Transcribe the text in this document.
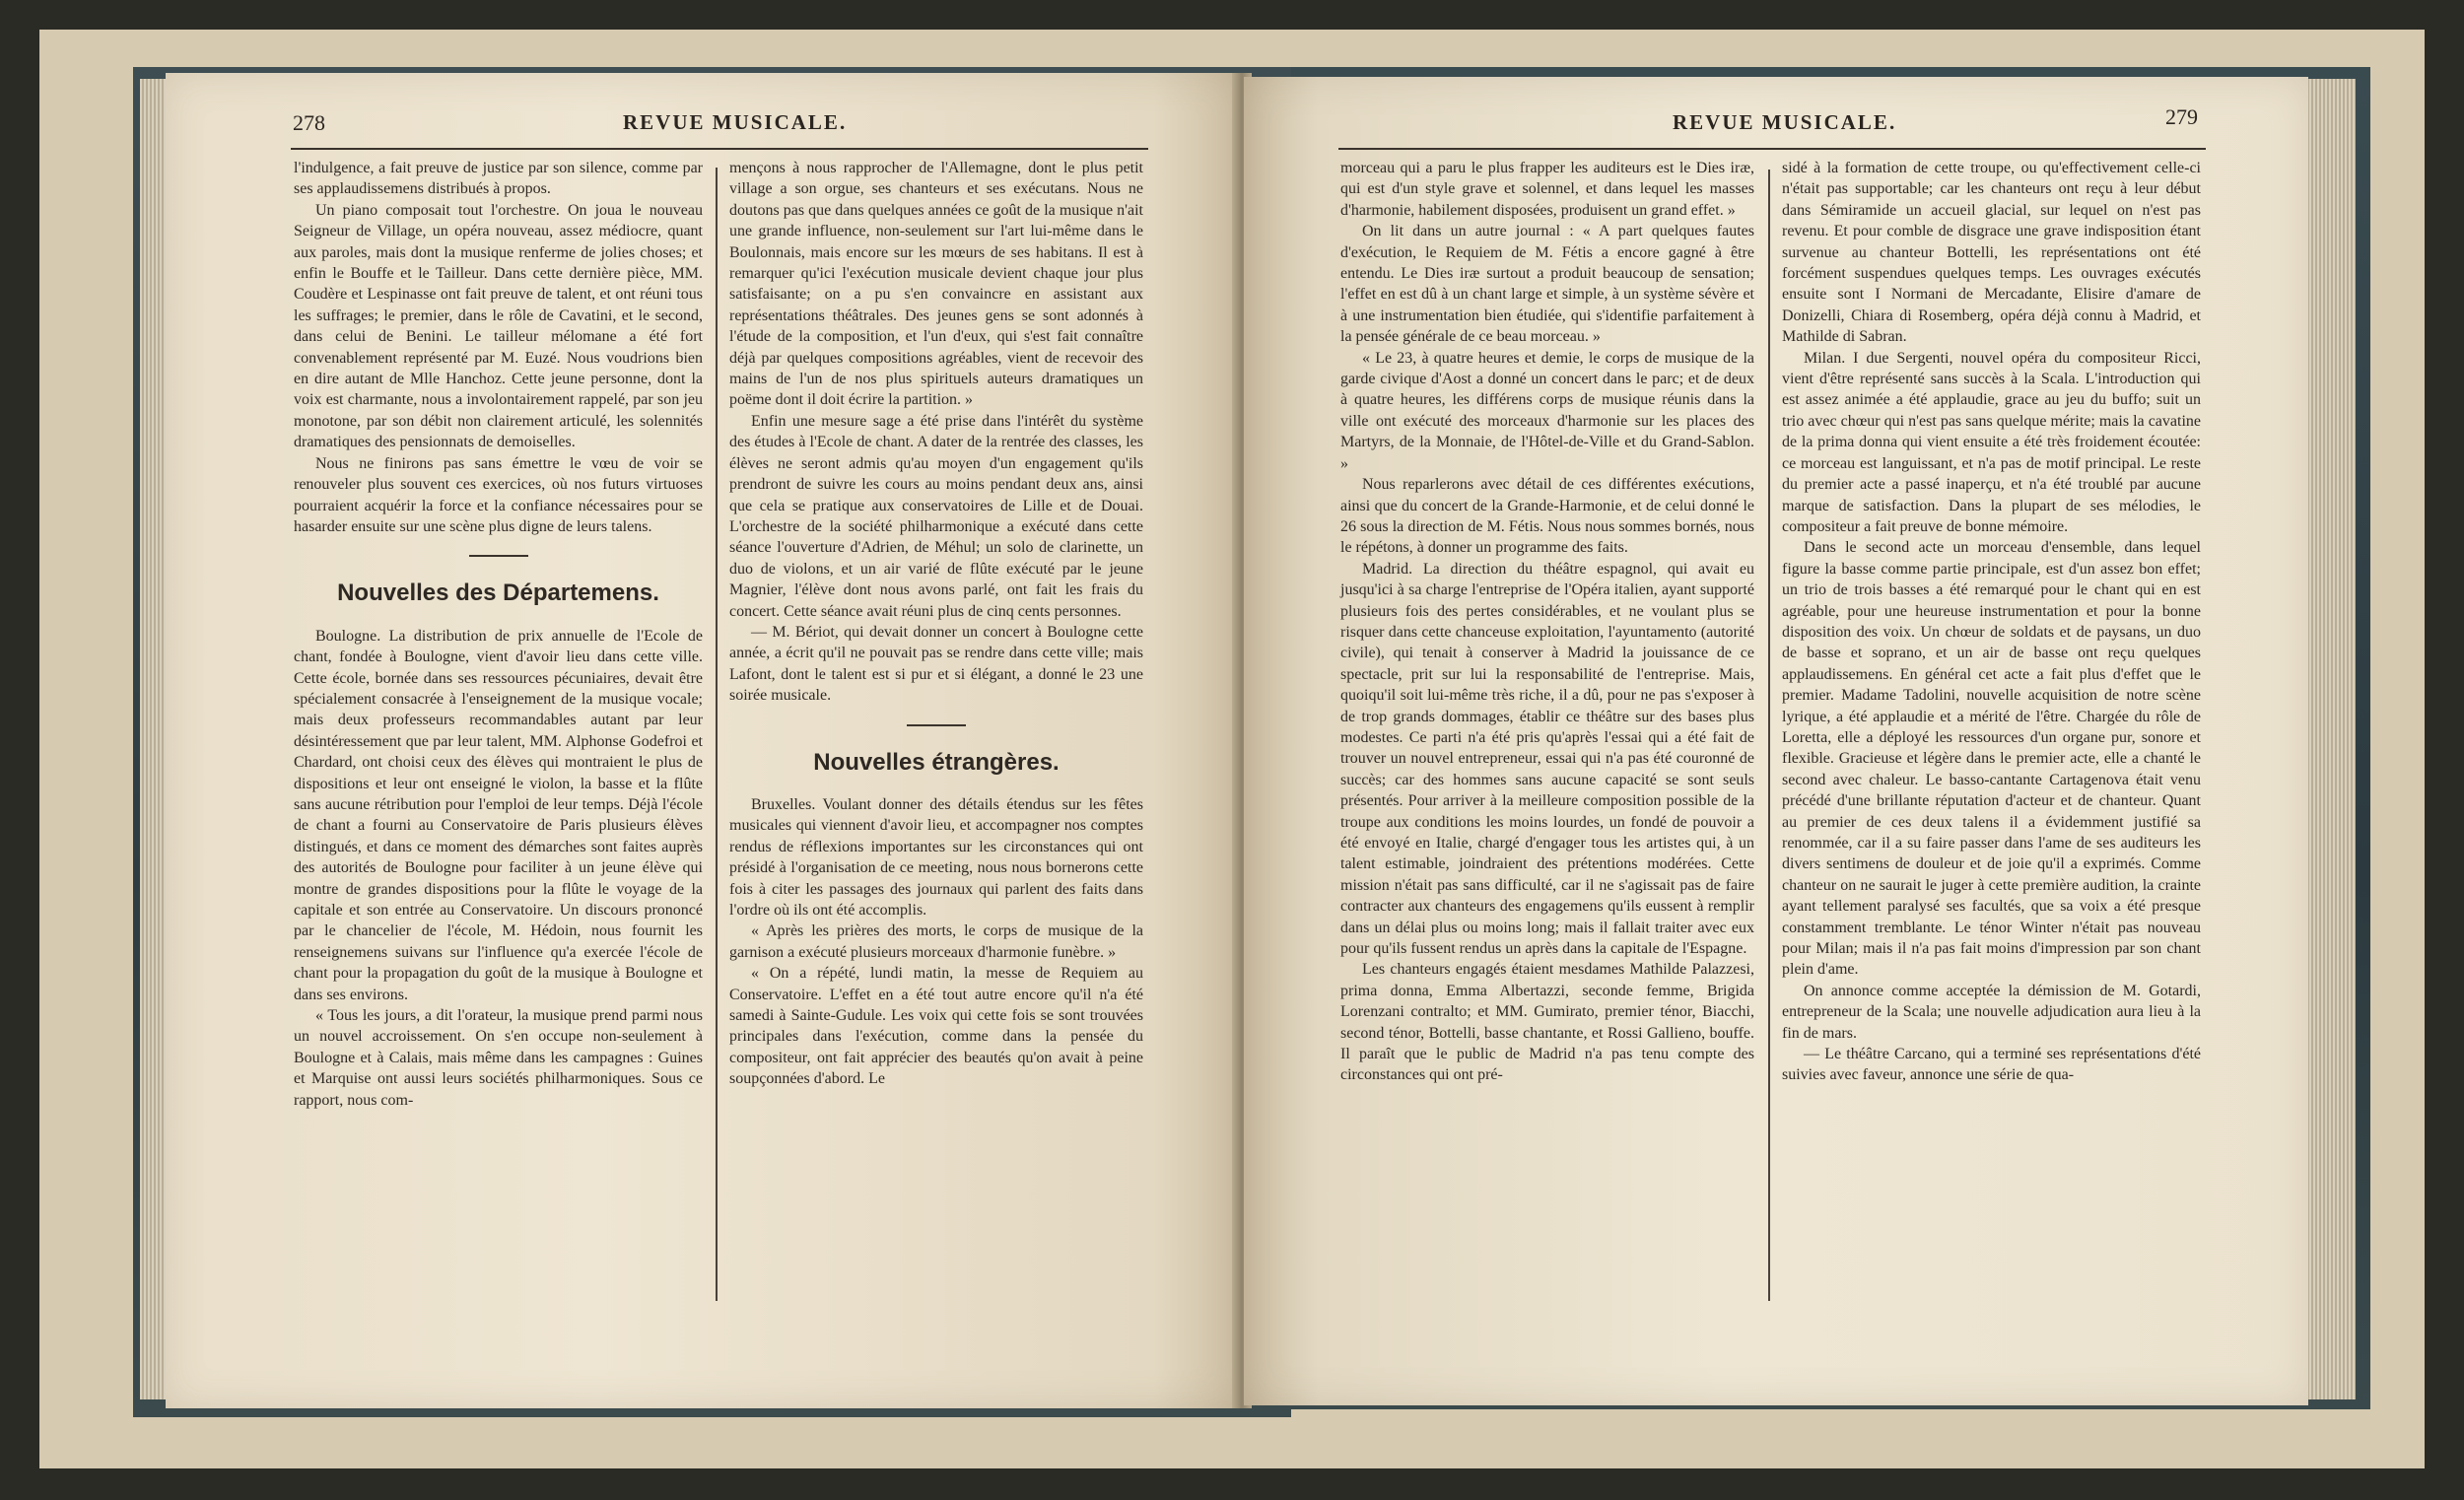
278	REVUE MUSICALE.

l'indulgence, a fait preuve de justice par son silence, comme par ses applaudissemens distribués à propos.

Un piano composait tout l'orchestre. On joua le nouveau Seigneur de Village, un opéra nouveau, assez médiocre, quant aux paroles, mais dont la musique renferme de jolies choses; et enfin le Bouffe et le Tailleur. Dans cette dernière pièce, MM. Coudère et Lespinasse ont fait preuve de talent, et ont réuni tous les suffrages; le premier, dans le rôle de Cavatini, et le second, dans celui de Benini. Le tailleur mélomane a été fort convenablement représenté par M. Euzé. Nous voudrions bien en dire autant de Mlle Hanchoz. Cette jeune personne, dont la voix est charmante, nous a involontairement rappelé, par son jeu monotone, par son débit non clairement articulé, les solennités dramatiques des pensionnats de demoiselles.

Nous ne finirons pas sans émettre le vœu de voir se renouveler plus souvent ces exercices, où nos futurs virtuoses pourraient acquérir la force et la confiance nécessaires pour se hasarder ensuite sur une scène plus digne de leurs talens.

Nouvelles des Départemens.

Boulogne. La distribution de prix annuelle de l'Ecole de chant, fondée à Boulogne, vient d'avoir lieu dans cette ville. Cette école, bornée dans ses ressources pécuniaires, devait être spécialement consacrée à l'enseignement de la musique vocale; mais deux professeurs recommandables autant par leur désintéressement que par leur talent, MM. Alphonse Godefroi et Chardard, ont choisi ceux des élèves qui montraient le plus de dispositions et leur ont enseigné le violon, la basse et la flûte sans aucune rétribution pour l'emploi de leur temps. Déjà l'école de chant a fourni au Conservatoire de Paris plusieurs élèves distingués, et dans ce moment des démarches sont faites auprès des autorités de Boulogne pour faciliter à un jeune élève qui montre de grandes dispositions pour la flûte le voyage de la capitale et son entrée au Conservatoire. Un discours prononcé par le chancelier de l'école, M. Hédoin, nous fournit les renseignemens suivans sur l'influence qu'a exercée l'école de chant pour la propagation du goût de la musique à Boulogne et dans ses environs.

« Tous les jours, a dit l'orateur, la musique prend parmi nous un nouvel accroissement. On s'en occupe non-seulement à Boulogne et à Calais, mais même dans les campagnes : Guines et Marquise ont aussi leurs sociétés philharmoniques. Sous ce rapport, nous com-

mençons à nous rapprocher de l'Allemagne, dont le plus petit village a son orgue, ses chanteurs et ses exécutans. Nous ne doutons pas que dans quelques années ce goût de la musique n'ait une grande influence, non-seulement sur l'art lui-même dans le Boulonnais, mais encore sur les mœurs de ses habitans. Il est à remarquer qu'ici l'exécution musicale devient chaque jour plus satisfaisante; on a pu s'en convaincre en assistant aux représentations théâtrales. Des jeunes gens se sont adonnés à l'étude de la composition, et l'un d'eux, qui s'est fait connaître déjà par quelques compositions agréables, vient de recevoir des mains de l'un de nos plus spirituels auteurs dramatiques un poëme dont il doit écrire la partition. »

Enfin une mesure sage a été prise dans l'intérêt du système des études à l'Ecole de chant. A dater de la rentrée des classes, les élèves ne seront admis qu'au moyen d'un engagement qu'ils prendront de suivre les cours au moins pendant deux ans, ainsi que cela se pratique aux conservatoires de Lille et de Douai. L'orchestre de la société philharmonique a exécuté dans cette séance l'ouverture d'Adrien, de Méhul; un solo de clarinette, un duo de violons, et un air varié de flûte exécuté par le jeune Magnier, l'élève dont nous avons parlé, ont fait les frais du concert. Cette séance avait réuni plus de cinq cents personnes.

— M. Bériot, qui devait donner un concert à Boulogne cette année, a écrit qu'il ne pouvait pas se rendre dans cette ville; mais Lafont, dont le talent est si pur et si élégant, a donné le 23 une soirée musicale.

Nouvelles étrangères.

Bruxelles. Voulant donner des détails étendus sur les fêtes musicales qui viennent d'avoir lieu, et accompagner nos comptes rendus de réflexions importantes sur les circonstances qui ont présidé à l'organisation de ce meeting, nous nous bornerons cette fois à citer les passages des journaux qui parlent des faits dans l'ordre où ils ont été accomplis.

« Après les prières des morts, le corps de musique de la garnison a exécuté plusieurs morceaux d'harmonie funèbre. »

« On a répété, lundi matin, la messe de Requiem au Conservatoire. L'effet en a été tout autre encore qu'il n'a été samedi à Sainte-Gudule. Les voix qui cette fois se sont trouvées principales dans l'exécution, comme dans la pensée du compositeur, ont fait apprécier des beautés qu'on avait à peine soupçonnées d'abord. Le

REVUE MUSICALE.	279

morceau qui a paru le plus frapper les auditeurs est le Dies iræ, qui est d'un style grave et solennel, et dans lequel les masses d'harmonie, habilement disposées, produisent un grand effet. »

On lit dans un autre journal : « A part quelques fautes d'exécution, le Requiem de M. Fétis a encore gagné à être entendu. Le Dies iræ surtout a produit beaucoup de sensation; l'effet en est dû à un chant large et simple, à un système sévère et à une instrumentation bien étudiée, qui s'identifie parfaitement à la pensée générale de ce beau morceau. »

« Le 23, à quatre heures et demie, le corps de musique de la garde civique d'Aost a donné un concert dans le parc; et de deux à quatre heures, les différens corps de musique réunis dans la ville ont exécuté des morceaux d'harmonie sur les places des Martyrs, de la Monnaie, de l'Hôtel-de-Ville et du Grand-Sablon. »

Nous reparlerons avec détail de ces différentes exécutions, ainsi que du concert de la Grande-Harmonie, et de celui donné le 26 sous la direction de M. Fétis. Nous nous sommes bornés, nous le répétons, à donner un programme des faits.

Madrid. La direction du théâtre espagnol, qui avait eu jusqu'ici à sa charge l'entreprise de l'Opéra italien, ayant supporté plusieurs fois des pertes considérables, et ne voulant plus se risquer dans cette chanceuse exploitation, l'ayuntamento (autorité civile), qui tenait à conserver à Madrid la jouissance de ce spectacle, prit sur lui la responsabilité de l'entreprise. Mais, quoiqu'il soit lui-même très riche, il a dû, pour ne pas s'exposer à de trop grands dommages, établir ce théâtre sur des bases plus modestes. Ce parti n'a été pris qu'après l'essai qui a été fait de trouver un nouvel entrepreneur, essai qui n'a pas été couronné de succès; car des hommes sans aucune capacité se sont seuls présentés. Pour arriver à la meilleure composition possible de la troupe aux conditions les moins lourdes, un fondé de pouvoir a été envoyé en Italie, chargé d'engager tous les artistes qui, à un talent estimable, joindraient des prétentions modérées. Cette mission n'était pas sans difficulté, car il ne s'agissait pas de faire contracter aux chanteurs des engagemens qu'ils eussent à remplir dans un délai plus ou moins long; mais il fallait traiter avec eux pour qu'ils fussent rendus un après dans la capitale de l'Espagne.

Les chanteurs engagés étaient mesdames Mathilde Palazzesi, prima donna, Emma Albertazzi, seconde femme, Brigida Lorenzani contralto; et MM. Gumirato, premier ténor, Biacchi, second ténor, Bottelli, basse chantante, et Rossi Gallieno, bouffe. Il paraît que le public de Madrid n'a pas tenu compte des circonstances qui ont pré-

sidé à la formation de cette troupe, ou qu'effectivement celle-ci n'était pas supportable; car les chanteurs ont reçu à leur début dans Sémiramide un accueil glacial, sur lequel on n'est pas revenu. Et pour comble de disgrace une grave indisposition étant survenue au chanteur Bottelli, les représentations ont été forcément suspendues quelques temps. Les ouvrages exécutés ensuite sont I Normani de Mercadante, Elisire d'amare de Donizelli, Chiara di Rosemberg, opéra déjà connu à Madrid, et Mathilde di Sabran.

Milan. I due Sergenti, nouvel opéra du compositeur Ricci, vient d'être représenté sans succès à la Scala. L'introduction qui est assez animée a été applaudie, grace au jeu du buffo; suit un trio avec chœur qui n'est pas sans quelque mérite; mais la cavatine de la prima donna qui vient ensuite a été très froidement écoutée: ce morceau est languissant, et n'a pas de motif principal. Le reste du premier acte a passé inaperçu, et n'a été troublé par aucune marque de satisfaction. Dans la plupart de ses mélodies, le compositeur a fait preuve de bonne mémoire.

Dans le second acte un morceau d'ensemble, dans lequel figure la basse comme partie principale, est d'un assez bon effet; un trio de trois basses a été remarqué pour le chant qui en est agréable, pour une heureuse instrumentation et pour la bonne disposition des voix. Un chœur de soldats et de paysans, un duo de basse et soprano, et un air de basse ont reçu quelques applaudissemens. En général cet acte a fait plus d'effet que le premier. Madame Tadolini, nouvelle acquisition de notre scène lyrique, a été applaudie et a mérité de l'être. Chargée du rôle de Loretta, elle a déployé les ressources d'un organe pur, sonore et flexible. Gracieuse et légère dans le premier acte, elle a chanté le second avec chaleur. Le basso-cantante Cartagenova était venu précédé d'une brillante réputation d'acteur et de chanteur. Quant au premier de ces deux talens il a évidemment justifié sa renommée, car il a su faire passer dans l'ame de ses auditeurs les divers sentimens de douleur et de joie qu'il a exprimés. Comme chanteur on ne saurait le juger à cette première audition, la crainte ayant tellement paralysé ses facultés, que sa voix a été presque constamment tremblante. Le ténor Winter n'était pas nouveau pour Milan; mais il n'a pas fait moins d'impression par son chant plein d'ame.

On annonce comme acceptée la démission de M. Gotardi, entrepreneur de la Scala; une nouvelle adjudication aura lieu à la fin de mars.

— Le théâtre Carcano, qui a terminé ses représentations d'été suivies avec faveur, annonce une série de qua-
